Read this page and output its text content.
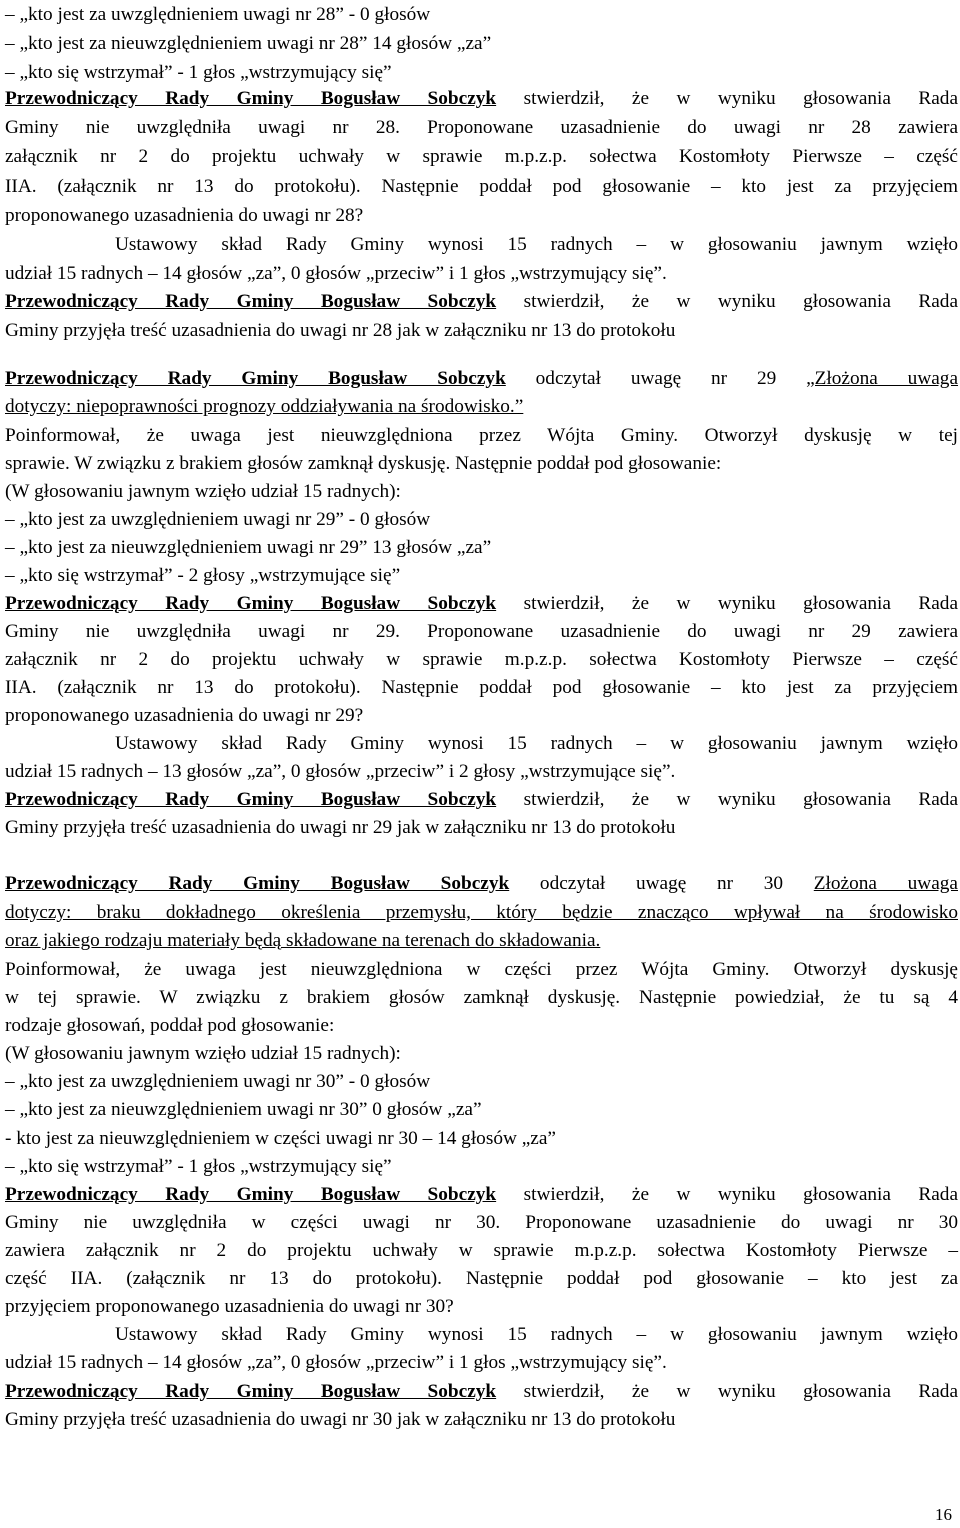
– „kto jest za uwzględnieniem uwagi nr 28” - 0 głosów
– „kto jest za nieuwzględnieniem uwagi nr 28” 14 głosów „za”
– „kto się wstrzymał” - 1 głos „wstrzymujący się”
Przewodniczący Rady Gminy Bogusław Sobczyk stwierdził, że w wyniku głosowania Rada
Gminy nie uwzględniła uwagi nr 28. Proponowane uzasadnienie do uwagi nr 28 zawiera
załącznik nr 2 do projektu uchwały w sprawie m.p.z.p. sołectwa Kostomłoty Pierwsze – część
IIA. (załącznik nr 13 do protokołu). Następnie poddał pod głosowanie – kto jest za przyjęciem
proponowanego uzasadnienia do uwagi nr 28?
Ustawowy skład Rady Gminy wynosi 15 radnych – w głosowaniu jawnym wzięło
udział 15 radnych – 14 głosów „za”, 0 głosów „przeciw” i 1 głos „wstrzymujący się”.
Przewodniczący Rady Gminy Bogusław Sobczyk stwierdził, że w wyniku głosowania Rada
Gminy przyjęła treść uzasadnienia do uwagi nr 28 jak w załączniku nr 13 do protokołu
Przewodniczący Rady Gminy Bogusław Sobczyk odczytał uwagę nr 29 „Złożona uwaga
dotyczy: niepoprawności prognozy oddziaływania na środowisko.”
Poinformował, że uwaga jest nieuwzględniona przez Wójta Gminy. Otworzył dyskusję w tej
sprawie. W związku z brakiem głosów zamknął dyskusję. Następnie poddał pod głosowanie:
(W głosowaniu jawnym wzięło udział 15 radnych):
– „kto jest za uwzględnieniem uwagi nr 29” - 0 głosów
– „kto jest za nieuwzględnieniem uwagi nr 29” 13 głosów „za”
– „kto się wstrzymał” - 2 głosy „wstrzymujące się”
Przewodniczący Rady Gminy Bogusław Sobczyk stwierdził, że w wyniku głosowania Rada
Gminy nie uwzględniła uwagi nr 29. Proponowane uzasadnienie do uwagi nr 29 zawiera
załącznik nr 2 do projektu uchwały w sprawie m.p.z.p. sołectwa Kostomłoty Pierwsze – część
IIA. (załącznik nr 13 do protokołu). Następnie poddał pod głosowanie – kto jest za przyjęciem
proponowanego uzasadnienia do uwagi nr 29?
Ustawowy skład Rady Gminy wynosi 15 radnych – w głosowaniu jawnym wzięło
udział 15 radnych – 13 głosów „za”, 0 głosów „przeciw” i 2 głosy „wstrzymujące się”.
Przewodniczący Rady Gminy Bogusław Sobczyk stwierdził, że w wyniku głosowania Rada
Gminy przyjęła treść uzasadnienia do uwagi nr 29 jak w załączniku nr 13 do protokołu
Przewodniczący Rady Gminy Bogusław Sobczyk odczytał uwagę nr 30 Złożona uwaga
dotyczy: braku dokładnego określenia przemysłu, który będzie znacząco wpływał na środowisko
oraz jakiego rodzaju materiały będą składowane na terenach do składowania.
Poinformował, że uwaga jest nieuwzględniona w części przez Wójta Gminy. Otworzył dyskusję
w tej sprawie. W związku z brakiem głosów zamknął dyskusję. Następnie powiedział, że tu są 4
rodzaje głosowań, poddał pod głosowanie:
(W głosowaniu jawnym wzięło udział 15 radnych):
– „kto jest za uwzględnieniem uwagi nr 30” - 0 głosów
– „kto jest za nieuwzględnieniem uwagi nr 30” 0 głosów „za”
- kto jest za nieuwzględnieniem w części uwagi nr 30 – 14 głosów „za”
– „kto się wstrzymał” - 1 głos „wstrzymujący się”
Przewodniczący Rady Gminy Bogusław Sobczyk stwierdził, że w wyniku głosowania Rada
Gminy nie uwzględniła w części uwagi nr 30. Proponowane uzasadnienie do uwagi nr 30
zawiera załącznik nr 2 do projektu uchwały w sprawie m.p.z.p. sołectwa Kostomłoty Pierwsze –
część IIA. (załącznik nr 13 do protokołu). Następnie poddał pod głosowanie – kto jest za
przyjęciem proponowanego uzasadnienia do uwagi nr 30?
Ustawowy skład Rady Gminy wynosi 15 radnych – w głosowaniu jawnym wzięło
udział 15 radnych – 14 głosów „za”, 0 głosów „przeciw” i 1 głos „wstrzymujący się”.
Przewodniczący Rady Gminy Bogusław Sobczyk stwierdził, że w wyniku głosowania Rada
Gminy przyjęła treść uzasadnienia do uwagi nr 30 jak w załączniku nr 13 do protokołu
16
